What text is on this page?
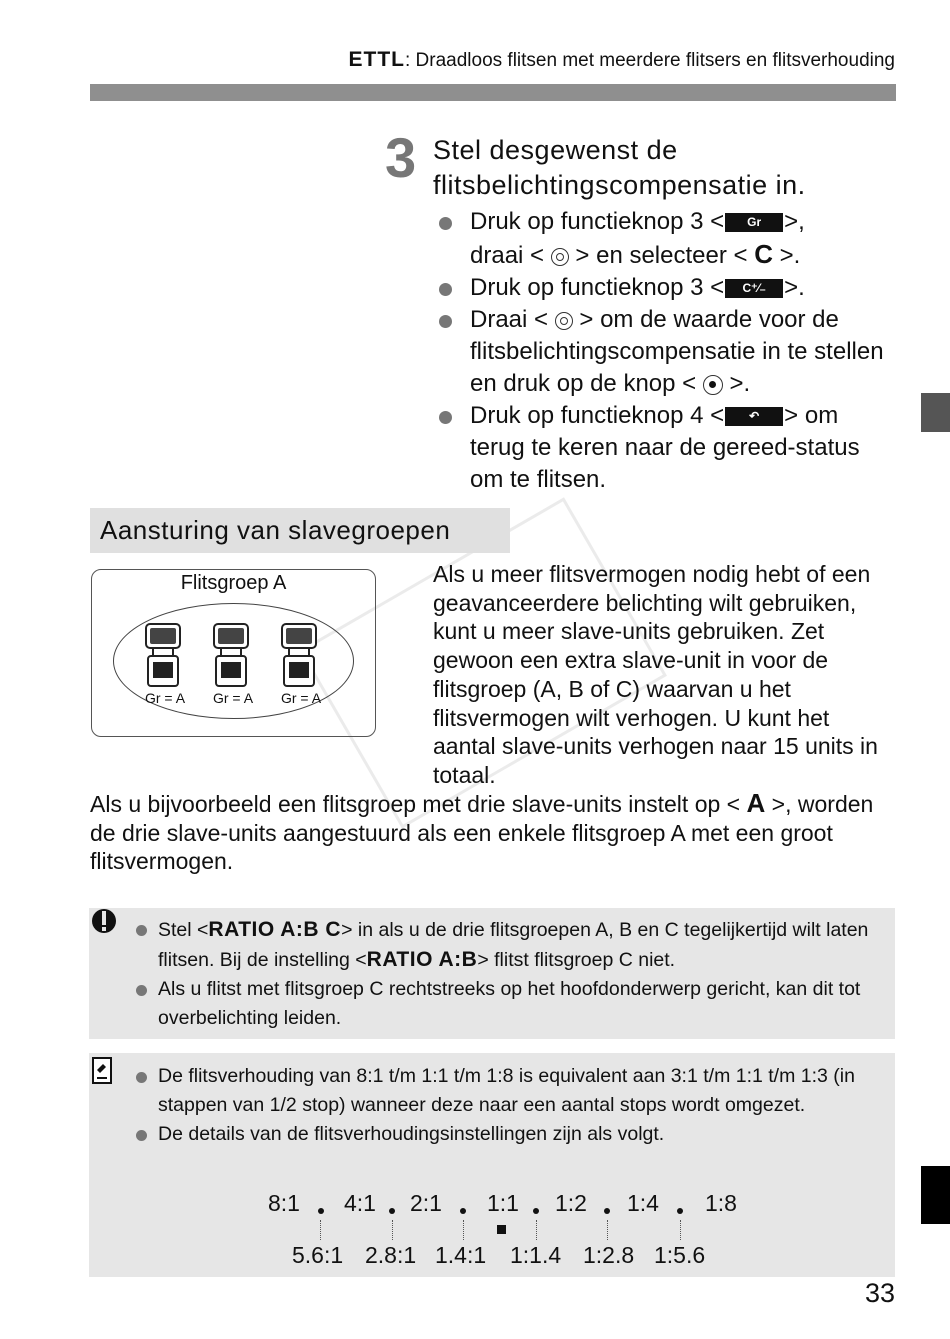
ETTL: Draadloos flitsen met meerdere flitsers en flitsverhouding
3 Stel desgewenst de flitsbelichtingscompensatie in.
Druk op functieknop 3 < Gr >,
draai < > en selecteer < C >.
Druk op functieknop 3 < C⁺⁄₋ >.
Draai < > om de waarde voor de flitsbelichtingscompensatie in te stellen en druk op de knop < >.
Druk op functieknop 4 < ↶ > om terug te keren naar de gereed-status om te flitsen.
Aansturing van slavegroepen
Flitsgroep A
Gr = A	Gr = A	Gr = A
Als u meer flitsvermogen nodig hebt of een geavanceerdere belichting wilt gebruiken, kunt u meer slave-units gebruiken. Zet gewoon een extra slave-unit in voor de flitsgroep (A, B of C) waarvan u het flitsvermogen wilt verhogen. U kunt het aantal slave-units verhogen naar 15 units in totaal.
Als u bijvoorbeeld een flitsgroep met drie slave-units instelt op < A >, worden de drie slave-units aangestuurd als een enkele flitsgroep A met een groot flitsvermogen.
Stel <RATIO A:B C> in als u de drie flitsgroepen A, B en C tegelijkertijd wilt laten flitsen. Bij de instelling <RATIO A:B> flitst flitsgroep C niet.
Als u flitst met flitsgroep C rechtstreeks op het hoofdonderwerp gericht, kan dit tot overbelichting leiden.
De flitsverhouding van 8:1 t/m 1:1 t/m 1:8 is equivalent aan 3:1 t/m 1:1 t/m 1:3 (in stappen van 1/2 stop) wanneer deze naar een aantal stops wordt omgezet.
De details van de flitsverhoudingsinstellingen zijn als volgt.
8:1 4:1 2:1 1:1 1:2 1:4 1:8
5.6:1 2.8:1 1.4:1 1:1.4 1:2.8 1:5.6
33
